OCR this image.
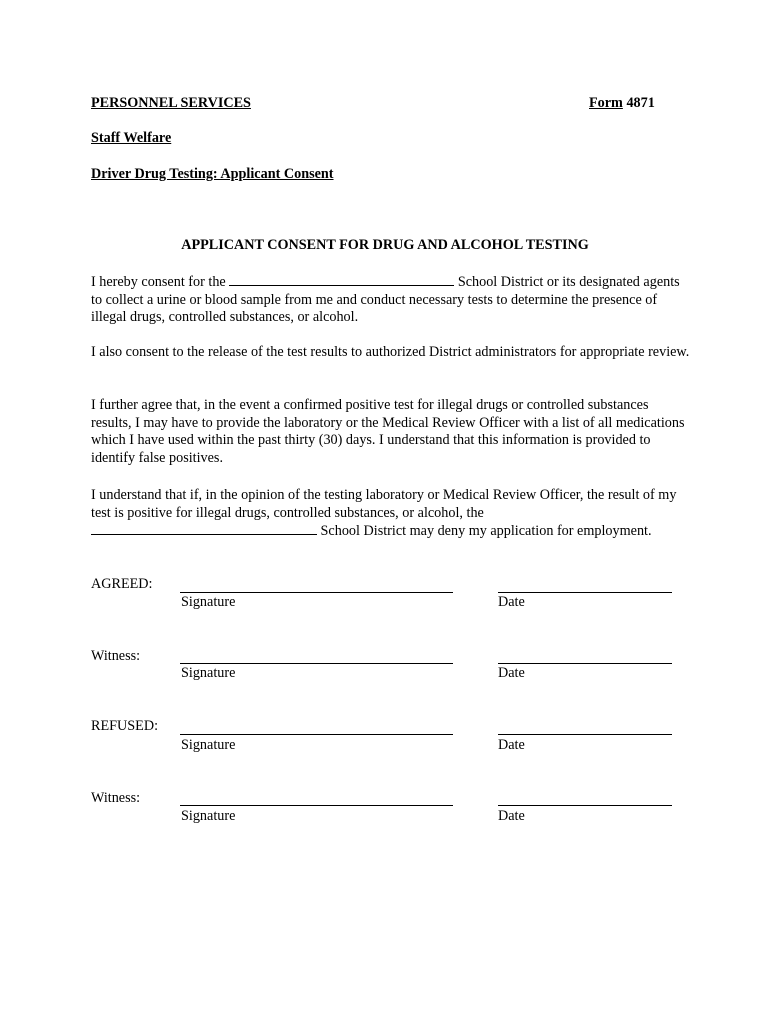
PERSONNEL SERVICES	Form 4871
Staff Welfare
Driver Drug Testing: Applicant Consent
APPLICANT CONSENT FOR DRUG AND ALCOHOL TESTING
I hereby consent for the	School District or its designated agents to collect a urine or blood sample from me and conduct necessary tests to determine the presence of illegal drugs, controlled substances, or alcohol.
I also consent to the release of the test results to authorized District administrators for appropriate review.
I further agree that, in the event a confirmed positive test for illegal drugs or controlled substances results, I may have to provide the laboratory or the Medical Review Officer with a list of all medications which I have used within the past thirty (30) days. I understand that this information is provided to identify false positives.
I understand that if, in the opinion of the testing laboratory or Medical Review Officer, the result of my test is positive for illegal drugs, controlled substances, or alcohol, the  School District may deny my application for employment.
AGREED:
Signature	Date
Witness:
Signature	Date
REFUSED:
Signature	Date
Witness:
Signature	Date
